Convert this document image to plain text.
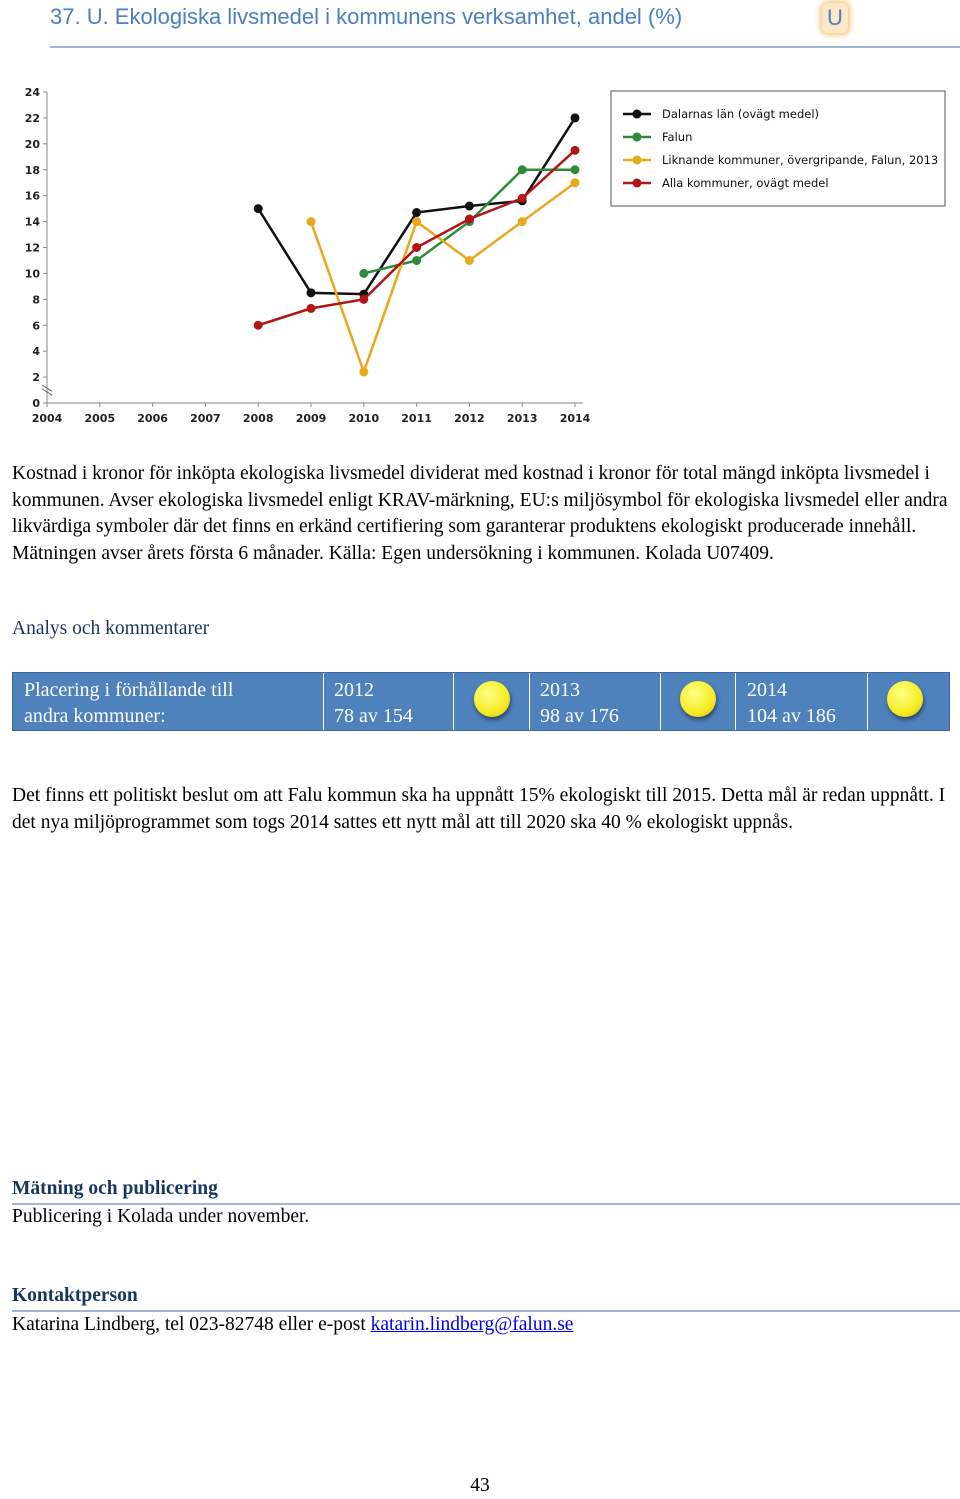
37. U. Ekologiska livsmedel i kommunens verksamhet, andel (%)	U
0
2
4
6
8
10
12
14
16
18
20
22
24
2004 2005 2006 2007 2008 2009 2010 2011 2012 2013 2014
Dalarnas län (ovägt medel)
Falun
Liknande kommuner, övergripande, Falun, 2013
Alla kommuner, ovägt medel
Kostnad i kronor för inköpta ekologiska livsmedel dividerat med kostnad i kronor för total mängd inköpta livsmedel i kommunen. Avser ekologiska livsmedel enligt KRAV-märkning, EU:s miljösymbol för ekologiska livsmedel eller andra likvärdiga symboler där det finns en erkänd certifiering som garanterar produktens ekologiskt producerade innehåll. Mätningen avser årets första 6 månader. Källa: Egen undersökning i kommunen. Kolada U07409.
Analys och kommentarer
Placering i förhållande till
andra kommuner:
2012
78 av 154
2013
98 av 176
2014
104 av 186
Det finns ett politiskt beslut om att Falu kommun ska ha uppnått 15% ekologiskt till 2015. Detta mål är redan uppnått. I det nya miljöprogrammet som togs 2014 sattes ett nytt mål att till 2020 ska 40 % ekologiskt uppnås.
Mätning och publicering
Publicering i Kolada under november.
Kontaktperson
Katarina Lindberg, tel 023-82748 eller e-post katarin.lindberg@falun.se
43
